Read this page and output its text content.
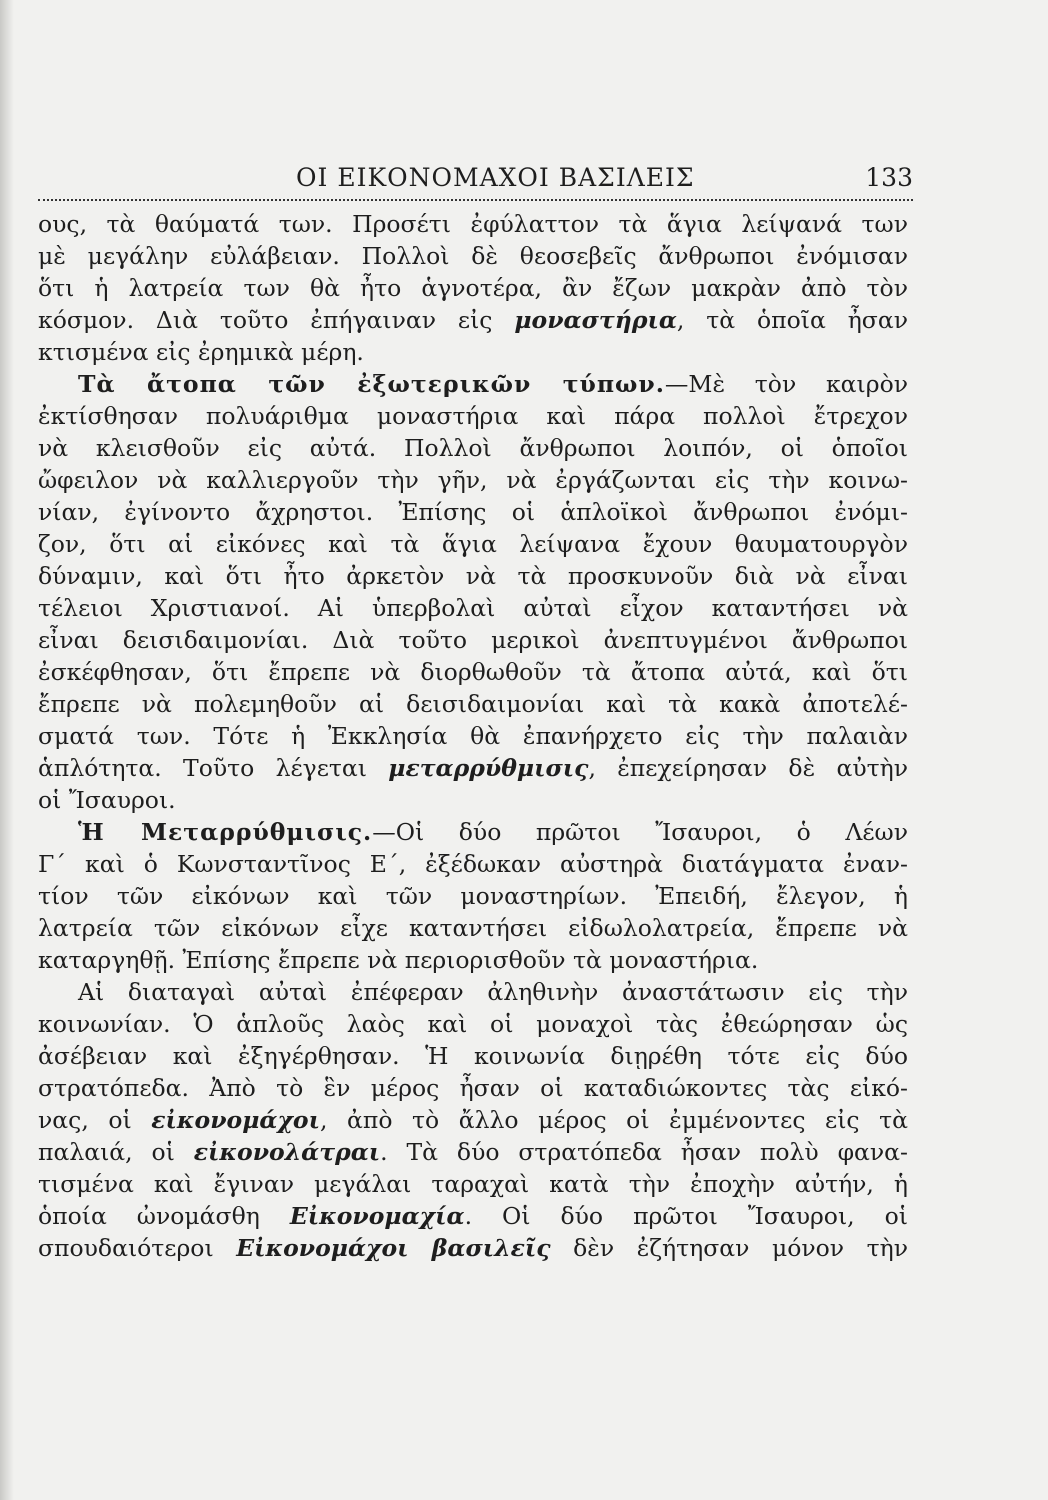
ΟΙ ΕΙΚΟΝΟΜΑΧΟΙ ΒΑΣΙΛΕΙΣ	133
ους, τὰ θαύματά των. Προσέτι ἐφύλαττον τὰ ἅγια λείψανά των
μὲ μεγάλην εὐλάβειαν. Πολλοὶ δὲ θεοσεβεῖς ἄνθρωποι ἐνόμισαν
ὅτι ἡ λατρεία των θὰ ἦτο ἁγνοτέρα, ἂν ἔζων μακρὰν ἀπὸ τὸν
κόσμον. Διὰ τοῦτο ἐπήγαιναν εἰς μοναστήρια, τὰ ὁποῖα ἦσαν
κτισμένα εἰς ἐρημικὰ μέρη.
Τὰ ἄτοπα τῶν ἐξωτερικῶν τύπων.—Μὲ τὸν καιρὸν
ἐκτίσθησαν πολυάριθμα μοναστήρια καὶ πάρα πολλοὶ ἔτρεχον
νὰ κλεισθοῦν εἰς αὐτά. Πολλοὶ ἄνθρωποι λοιπόν, οἱ ὁποῖοι
ὤφειλον νὰ καλλιεργοῦν τὴν γῆν, νὰ ἐργάζωνται εἰς τὴν κοινω-
νίαν, ἐγίνοντο ἄχρηστοι. Ἐπίσης οἱ ἁπλοϊκοὶ ἄνθρωποι ἐνόμι-
ζον, ὅτι αἱ εἰκόνες καὶ τὰ ἅγια λείψανα ἔχουν θαυματουργὸν
δύναμιν, καὶ ὅτι ἦτο ἀρκετὸν νὰ τὰ προσκυνοῦν διὰ νὰ εἶναι
τέλειοι Χριστιανοί. Αἱ ὑπερβολαὶ αὐταὶ εἶχον καταντήσει νὰ
εἶναι δεισιδαιμονίαι. Διὰ τοῦτο μερικοὶ ἀνεπτυγμένοι ἄνθρωποι
ἐσκέφθησαν, ὅτι ἔπρεπε νὰ διορθωθοῦν τὰ ἄτοπα αὐτά, καὶ ὅτι
ἔπρεπε νὰ πολεμηθοῦν αἱ δεισιδαιμονίαι καὶ τὰ κακὰ ἀποτελέ-
σματά των. Τότε ἡ Ἐκκλησία θὰ ἐπανήρχετο εἰς τὴν παλαιὰν
ἁπλότητα. Τοῦτο λέγεται μεταρρύθμισις, ἐπεχείρησαν δὲ αὐτὴν
οἱ Ἴσαυροι.
Ἡ Μεταρρύθμισις.—Οἱ δύο πρῶτοι Ἴσαυροι, ὁ Λέων
Γ΄ καὶ ὁ Κωνσταντῖνος Ε΄, ἐξέδωκαν αὐστηρὰ διατάγματα ἐναν-
τίον τῶν εἰκόνων καὶ τῶν μοναστηρίων. Ἐπειδή, ἔλεγον, ἡ
λατρεία τῶν εἰκόνων εἶχε καταντήσει εἰδωλολατρεία, ἔπρεπε νὰ
καταργηθῇ. Ἐπίσης ἔπρεπε νὰ περιορισθοῦν τὰ μοναστήρια.
Αἱ διαταγαὶ αὐταὶ ἐπέφεραν ἀληθινὴν ἀναστάτωσιν εἰς τὴν
κοινωνίαν. Ὁ ἁπλοῦς λαὸς καὶ οἱ μοναχοὶ τὰς ἐθεώρησαν ὡς
ἀσέβειαν καὶ ἐξηγέρθησαν. Ἡ κοινωνία διῃρέθη τότε εἰς δύο
στρατόπεδα. Ἀπὸ τὸ ἓν μέρος ἦσαν οἱ καταδιώκοντες τὰς εἰκό-
νας, οἱ εἰκονομάχοι, ἀπὸ τὸ ἄλλο μέρος οἱ ἐμμένοντες εἰς τὰ
παλαιά, οἱ εἰκονολάτραι. Τὰ δύο στρατόπεδα ἦσαν πολὺ φανα-
τισμένα καὶ ἔγιναν μεγάλαι ταραχαὶ κατὰ τὴν ἐποχὴν αὐτήν, ἡ
ὁποία ὠνομάσθη Εἰκονομαχία. Οἱ δύο πρῶτοι Ἴσαυροι, οἱ
σπουδαιότεροι Εἰκονομάχοι βασιλεῖς δὲν ἐζήτησαν μόνον τὴν
